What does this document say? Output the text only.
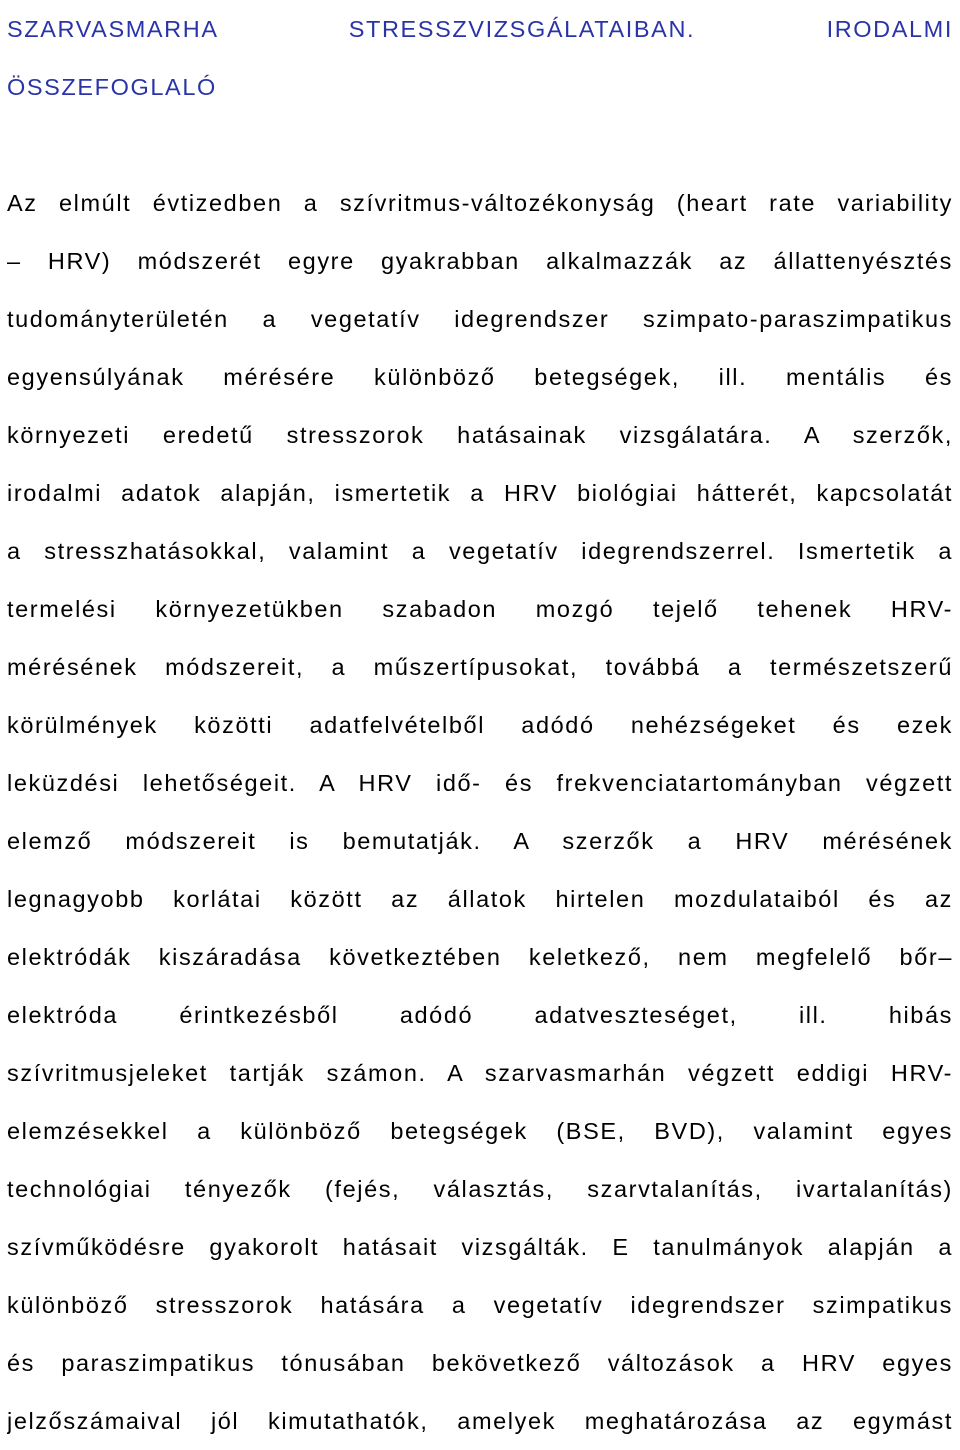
SZARVASMARHA STRESSZVIZSGÁLATAIBAN. IRODALMI
ÖSSZEFOGLALÓ
Az elmúlt évtizedben a szívritmus-változékonyság (heart rate variability
– HRV) módszerét egyre gyakrabban alkalmazzák az állattenyésztés
tudományterületén a vegetatív idegrendszer szimpato-paraszimpatikus
egyensúlyának mérésére különböző betegségek, ill. mentális és
környezeti eredetű stresszorok hatásainak vizsgálatára. A szerzők,
irodalmi adatok alapján, ismertetik a HRV biológiai hátterét, kapcsolatát
a stresszhatásokkal, valamint a vegetatív idegrendszerrel. Ismertetik a
termelési környezetükben szabadon mozgó tejelő tehenek HRV-
mérésének módszereit, a műszertípusokat, továbbá a természetszerű
körülmények közötti adatfelvételből adódó nehézségeket és ezek
leküzdési lehetőségeit. A HRV idő- és frekvenciatartományban végzett
elemző módszereit is bemutatják. A szerzők a HRV mérésének
legnagyobb korlátai között az állatok hirtelen mozdulataiból és az
elektródák kiszáradása következtében keletkező, nem megfelelő bőr–
elektróda érintkezésből adódó adatveszteséget, ill. hibás
szívritmusjeleket tartják számon. A szarvasmarhán végzett eddigi HRV-
elemzésekkel a különböző betegségek (BSE, BVD), valamint egyes
technológiai tényezők (fejés, választás, szarvtalanítás, ivartalanítás)
szívműködésre gyakorolt hatásait vizsgálták. E tanulmányok alapján a
különböző stresszorok hatására a vegetatív idegrendszer szimpatikus
és paraszimpatikus tónusában bekövetkező változások a HRV egyes
jelzőszámaival jól kimutathatók, amelyek meghatározása az egymást
